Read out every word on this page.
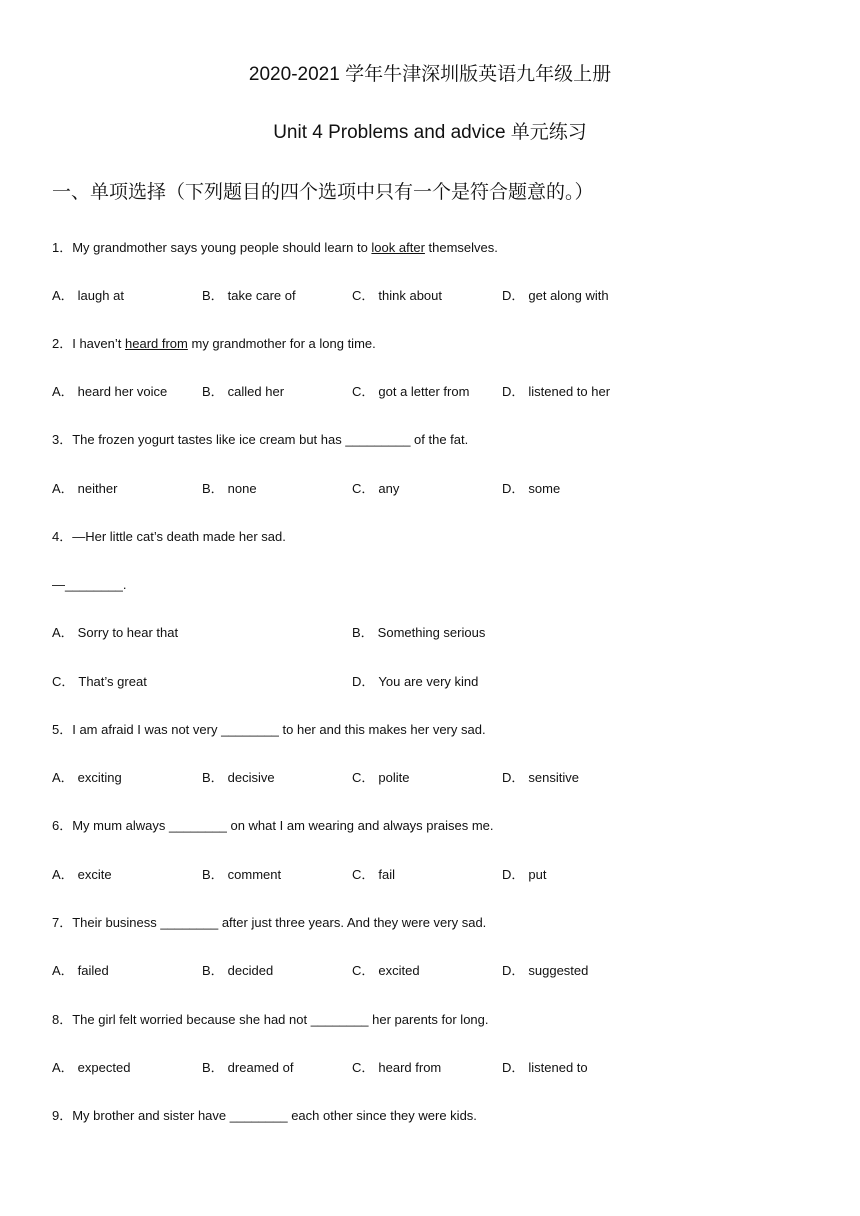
2020-2021 学年牛津深圳版英语九年级上册
Unit 4 Problems and advice 单元练习
一、单项选择（下列题目的四个选项中只有一个是符合题意的。）
1．My grandmother says young people should learn to look after themselves.
A． laugh at	B． take care of	C． think about	D． get along with
2．I haven’t heard from my grandmother for a long time.
A． heard her voice	B． called her	C． got a letter from	D． listened to her
3．The frozen yogurt tastes like ice cream but has _________ of the fat.
A． neither	B． none	C． any	D． some
4．—Her little cat’s death made her sad.
—________.
A． Sorry to hear that	B． Something serious
C． That’s great	D． You are very kind
5．I am afraid I was not very ________ to her and this makes her very sad.
A． exciting	B． decisive	C． polite	D． sensitive
6．My mum always ________ on what I am wearing and always praises me.
A． excite	B． comment	C． fail	D． put
7．Their business ________ after just three years. And they were very sad.
A． failed	B． decided	C． excited	D． suggested
8．The girl felt worried because she had not ________ her parents for long.
A． expected	B． dreamed of	C． heard from	D． listened to
9．My brother and sister have ________ each other since they were kids.
